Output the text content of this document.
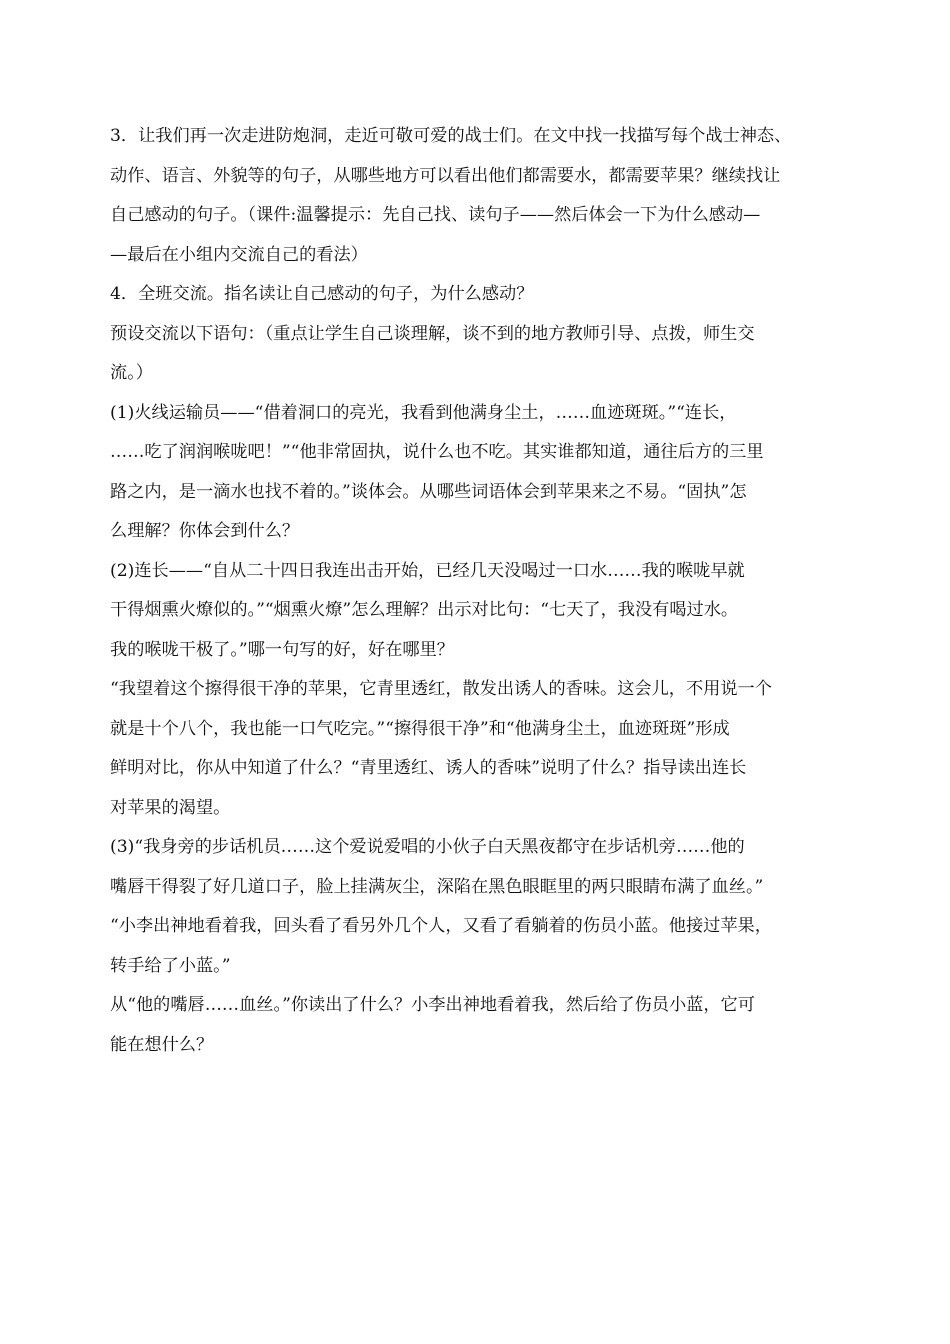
3．让我们再一次走进防炮洞，走近可敬可爱的战士们。在文中找一找描写每个战士神态、
动作、语言、外貌等的句子，从哪些地方可以看出他们都需要水，都需要苹果？继续找让
自己感动的句子。（课件:温馨提示：先自己找、读句子——然后体会一下为什么感动—
—最后在小组内交流自己的看法）
4．全班交流。指名读让自己感动的句子，为什么感动？
预设交流以下语句：（重点让学生自己谈理解，谈不到的地方教师引导、点拨，师生交
流。）
(1)火线运输员——“借着洞口的亮光，我看到他满身尘土，……血迹斑斑。”“连长，
……吃了润润喉咙吧！”“他非常固执，说什么也不吃。其实谁都知道，通往后方的三里
路之内，是一滴水也找不着的。”谈体会。从哪些词语体会到苹果来之不易。“固执”怎
么理解？你体会到什么？
(2)连长——“自从二十四日我连出击开始，已经几天没喝过一口水……我的喉咙早就
干得烟熏火燎似的。”“烟熏火燎”怎么理解？出示对比句：“七天了，我没有喝过水。
我的喉咙干极了。”哪一句写的好，好在哪里？
“我望着这个擦得很干净的苹果，它青里透红，散发出诱人的香味。这会儿，不用说一个
就是十个八个，我也能一口气吃完。”“擦得很干净”和“他满身尘土，血迹斑斑”形成
鲜明对比，你从中知道了什么？“青里透红、诱人的香味”说明了什么？指导读出连长
对苹果的渴望。
(3)“我身旁的步话机员……这个爱说爱唱的小伙子白天黑夜都守在步话机旁……他的
嘴唇干得裂了好几道口子，脸上挂满灰尘，深陷在黑色眼眶里的两只眼睛布满了血丝。”
“小李出神地看着我，回头看了看另外几个人，又看了看躺着的伤员小蓝。他接过苹果，
转手给了小蓝。”
从“他的嘴唇……血丝。”你读出了什么？小李出神地看着我，然后给了伤员小蓝，它可
能在想什么？
